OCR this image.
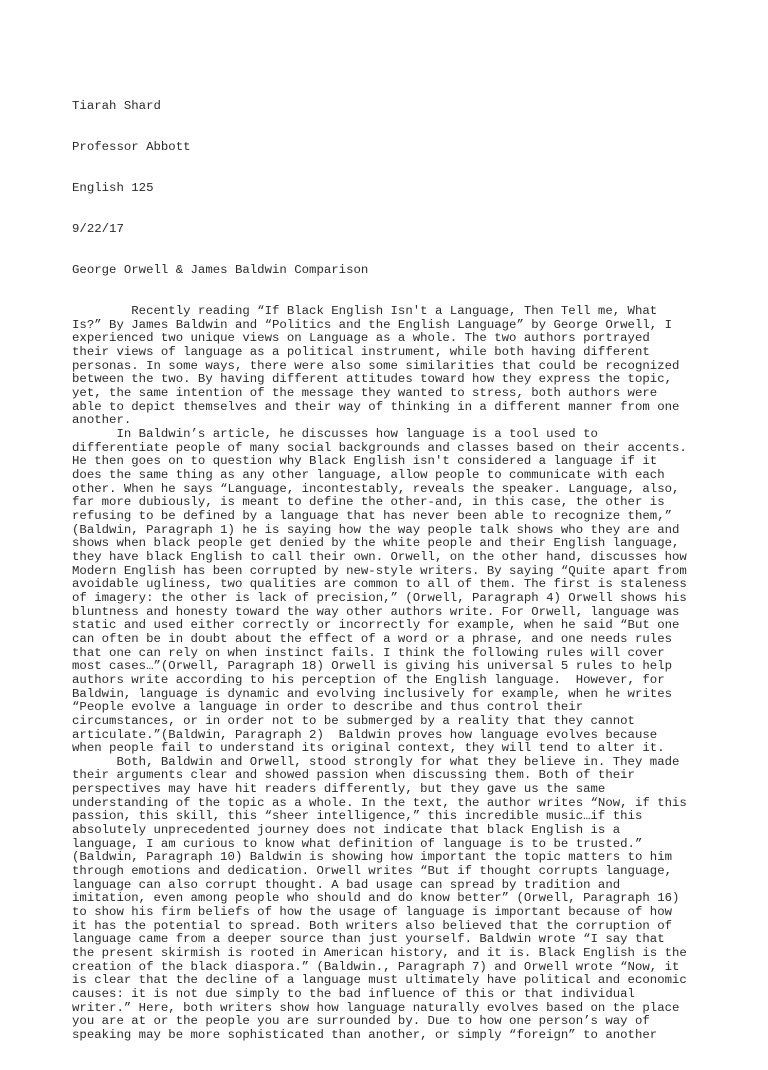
Tiarah Shard

Professor Abbott

English 125

9/22/17

George Orwell & James Baldwin Comparison

Recently reading “If Black English Isn't a Language, Then Tell me, What
Is?” By James Baldwin and “Politics and the English Language” by George Orwell, I
experienced two unique views on Language as a whole. The two authors portrayed
their views of language as a political instrument, while both having different
personas. In some ways, there were also some similarities that could be recognized
between the two. By having different attitudes toward how they express the topic,
yet, the same intention of the message they wanted to stress, both authors were
able to depict themselves and their way of thinking in a different manner from one
another.
In Baldwin’s article, he discusses how language is a tool used to
differentiate people of many social backgrounds and classes based on their accents.
He then goes on to question why Black English isn't considered a language if it
does the same thing as any other language, allow people to communicate with each
other. When he says “Language, incontestably, reveals the speaker. Language, also,
far more dubiously, is meant to define the other-and, in this case, the other is
refusing to be defined by a language that has never been able to recognize them,”
(Baldwin, Paragraph 1) he is saying how the way people talk shows who they are and
shows when black people get denied by the white people and their English language,
they have black English to call their own. Orwell, on the other hand, discusses how
Modern English has been corrupted by new-style writers. By saying “Quite apart from
avoidable ugliness, two qualities are common to all of them. The first is staleness
of imagery: the other is lack of precision,” (Orwell, Paragraph 4) Orwell shows his
bluntness and honesty toward the way other authors write. For Orwell, language was
static and used either correctly or incorrectly for example, when he said “But one
can often be in doubt about the effect of a word or a phrase, and one needs rules
that one can rely on when instinct fails. I think the following rules will cover
most cases…”(Orwell, Paragraph 18) Orwell is giving his universal 5 rules to help
authors write according to his perception of the English language.  However, for
Baldwin, language is dynamic and evolving inclusively for example, when he writes
“People evolve a language in order to describe and thus control their
circumstances, or in order not to be submerged by a reality that they cannot
articulate.”(Baldwin, Paragraph 2)  Baldwin proves how language evolves because
when people fail to understand its original context, they will tend to alter it.
Both, Baldwin and Orwell, stood strongly for what they believe in. They made
their arguments clear and showed passion when discussing them. Both of their
perspectives may have hit readers differently, but they gave us the same
understanding of the topic as a whole. In the text, the author writes “Now, if this
passion, this skill, this “sheer intelligence,” this incredible music…if this
absolutely unprecedented journey does not indicate that black English is a
language, I am curious to know what definition of language is to be trusted.”
(Baldwin, Paragraph 10) Baldwin is showing how important the topic matters to him
through emotions and dedication. Orwell writes “But if thought corrupts language,
language can also corrupt thought. A bad usage can spread by tradition and
imitation, even among people who should and do know better” (Orwell, Paragraph 16)
to show his firm beliefs of how the usage of language is important because of how
it has the potential to spread. Both writers also believed that the corruption of
language came from a deeper source than just yourself. Baldwin wrote “I say that
the present skirmish is rooted in American history, and it is. Black English is the
creation of the black diaspora.” (Baldwin., Paragraph 7) and Orwell wrote “Now, it
is clear that the decline of a language must ultimately have political and economic
causes: it is not due simply to the bad influence of this or that individual
writer.” Here, both writers show how language naturally evolves based on the place
you are at or the people you are surrounded by. Due to how one person’s way of
speaking may be more sophisticated than another, or simply “foreign” to another
